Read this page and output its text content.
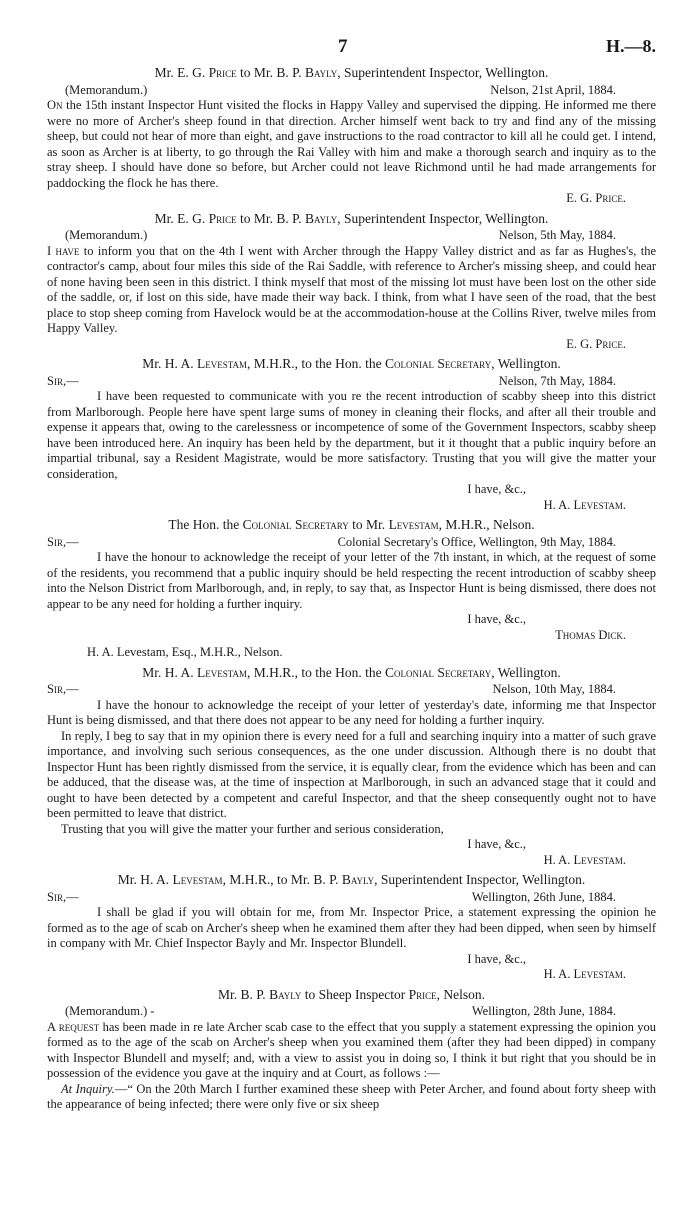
7	H.—8.
Mr. E. G. Price to Mr. B. P. Bayly, Superintendent Inspector, Wellington.
(Memorandum.)	Nelson, 21st April, 1884.

On the 15th instant Inspector Hunt visited the flocks in Happy Valley and supervised the dipping. He informed me there were no more of Archer's sheep found in that direction. Archer himself went back to try and find any of the missing sheep, but could not hear of more than eight, and gave instructions to the road contractor to kill all he could get. I intend, as soon as Archer is at liberty, to go through the Rai Valley with him and make a thorough search and inquiry as to the stray sheep. I should have done so before, but Archer could not leave Richmond until he had made arrangements for paddocking the flock he has there.

E. G. Price.
Mr. E. G. Price to Mr. B. P. Bayly, Superintendent Inspector, Wellington.
(Memorandum.)	Nelson, 5th May, 1884.

I have to inform you that on the 4th I went with Archer through the Happy Valley district and as far as Hughes's, the contractor's camp, about four miles this side of the Rai Saddle, with reference to Archer's missing sheep, and could hear of none having been seen in this district. I think myself that most of the missing lot must have been lost on the other side of the saddle, or, if lost on this side, have made their way back. I think, from what I have seen of the road, that the best place to stop sheep coming from Havelock would be at the accommodation-house at the Collins River, twelve miles from Happy Valley.

E. G. Price.
Mr. H. A. Levestam, M.H.R., to the Hon. the Colonial Secretary, Wellington.
Sir,—	Nelson, 7th May, 1884.

I have been requested to communicate with you re the recent introduction of scabby sheep into this district from Marlborough. People here have spent large sums of money in cleaning their flocks, and after all their trouble and expense it appears that, owing to the carelessness or incompetence of some of the Government Inspectors, scabby sheep have been introduced here. An inquiry has been held by the department, but it it thought that a public inquiry before an impartial tribunal, say a Resident Magistrate, would be more satisfactory. Trusting that you will give the matter your consideration,

I have, &c.,
H. A. Levestam.
The Hon. the Colonial Secretary to Mr. Levestam, M.H.R., Nelson.
Sir,—	Colonial Secretary's Office, Wellington, 9th May, 1884.

I have the honour to acknowledge the receipt of your letter of the 7th instant, in which, at the request of some of the residents, you recommend that a public inquiry should be held respecting the recent introduction of scabby sheep into the Nelson District from Marlborough, and, in reply, to say that, as Inspector Hunt is being dismissed, there does not appear to be any need for holding a further inquiry.

I have, &c.,
Thomas Dick.
H. A. Levestam, Esq., M.H.R., Nelson.
Mr. H. A. Levestam, M.H.R., to the Hon. the Colonial Secretary, Wellington.
Sir,—	Nelson, 10th May, 1884.

I have the honour to acknowledge the receipt of your letter of yesterday's date, informing me that Inspector Hunt is being dismissed, and that there does not appear to be any need for holding a further inquiry.

In reply, I beg to say that in my opinion there is every need for a full and searching inquiry into a matter of such grave importance, and involving such serious consequences, as the one under discussion. Although there is no doubt that Inspector Hunt has been rightly dismissed from the service, it is equally clear, from the evidence which has been and can be adduced, that the disease was, at the time of inspection at Marlborough, in such an advanced stage that it could and ought to have been detected by a competent and careful Inspector, and that the sheep consequently ought not to have been permitted to leave that district.

Trusting that you will give the matter your further and serious consideration,

I have, &c.,
H. A. Levestam.
Mr. H. A. Levestam, M.H.R., to Mr. B. P. Bayly, Superintendent Inspector, Wellington.
Sir,—	Wellington, 26th June, 1884.

I shall be glad if you will obtain for me, from Mr. Inspector Price, a statement expressing the opinion he formed as to the age of scab on Archer's sheep when he examined them after they had been dipped, when seen by himself in company with Mr. Chief Inspector Bayly and Mr. Inspector Blundell.

I have, &c.,
H. A. Levestam.
Mr. B. P. Bayly to Sheep Inspector Price, Nelson.
(Memorandum.) -	Wellington, 28th June, 1884.

A request has been made in re late Archer scab case to the effect that you supply a statement expressing the opinion you formed as to the age of the scab on Archer's sheep when you examined them (after they had been dipped) in company with Inspector Blundell and myself; and, with a view to assist you in doing so, I think it but right that you should be in possession of the evidence you gave at the inquiry and at Court, as follows :—

At Inquiry.—“ On the 20th March I further examined these sheep with Peter Archer, and found about forty sheep with the appearance of being infected; there were only five or six sheep
